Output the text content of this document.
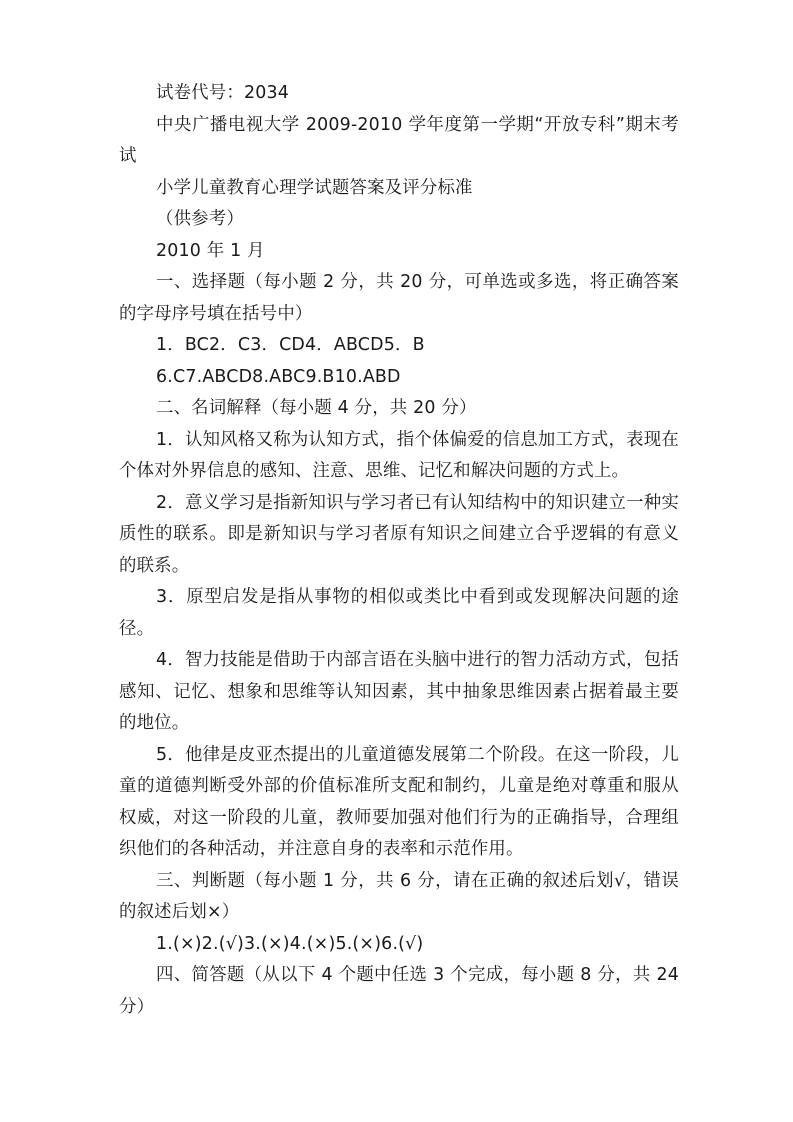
试卷代号：2034

中央广播电视大学 2009-2010 学年度第一学期“开放专科”期末考试

小学儿童教育心理学试题答案及评分标准

（供参考）

2010 年 1 月

一、选择题（每小题 2 分，共 20 分，可单选或多选，将正确答案的字母序号填在括号中）

1．BC2．C3．CD4．ABCD5．B

6.C7.ABCD8.ABC9.B10.ABD

二、名词解释（每小题 4 分，共 20 分）

1．认知风格又称为认知方式，指个体偏爱的信息加工方式，表现在个体对外界信息的感知、注意、思维、记忆和解决问题的方式上。

2．意义学习是指新知识与学习者已有认知结构中的知识建立一种实质性的联系。即是新知识与学习者原有知识之间建立合乎逻辑的有意义的联系。

3．原型启发是指从事物的相似或类比中看到或发现解决问题的途径。

4．智力技能是借助于内部言语在头脑中进行的智力活动方式，包括感知、记忆、想象和思维等认知因素，其中抽象思维因素占据着最主要的地位。

5．他律是皮亚杰提出的儿童道德发展第二个阶段。在这一阶段，儿童的道德判断受外部的价值标准所支配和制约，儿童是绝对尊重和服从权威，对这一阶段的儿童，教师要加强对他们行为的正确指导，合理组织他们的各种活动，并注意自身的表率和示范作用。

三、判断题（每小题 1 分，共 6 分，请在正确的叙述后划√，错误的叙述后划×）

1.(×)2.(√)3.(×)4.(×)5.(×)6.(√)

四、简答题（从以下 4 个题中任选 3 个完成，每小题 8 分，共 24 分）
